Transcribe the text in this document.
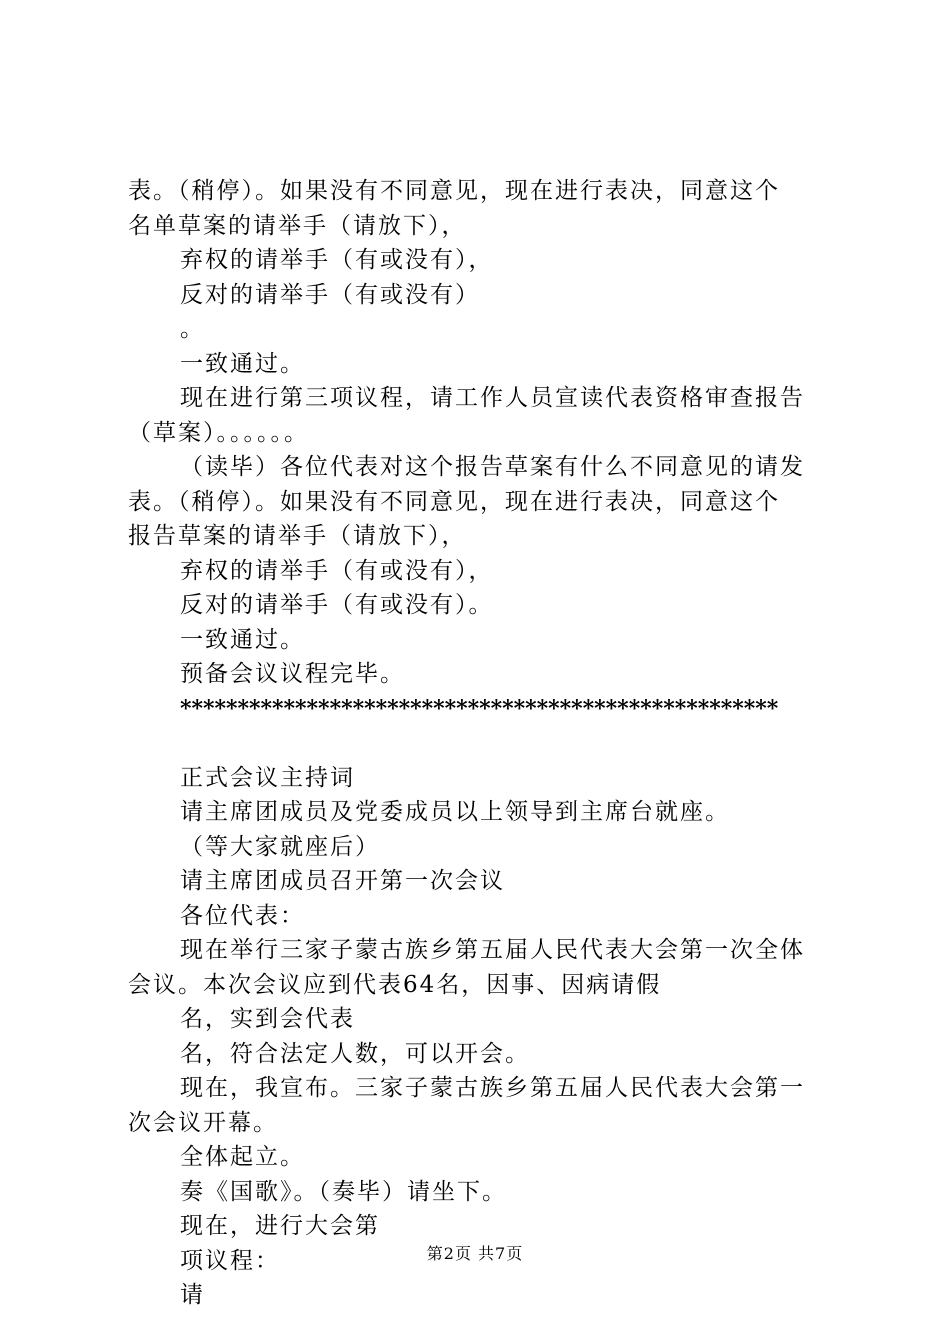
表。（稍停）。如果没有不同意见，现在进行表决，同意这个
名单草案的请举手（请放下），
弃权的请举手（有或没有），
反对的请举手（有或没有）
。
一致通过。
现在进行第三项议程，请工作人员宣读代表资格审查报告
（草案）。。。。。。
（读毕）各位代表对这个报告草案有什么不同意见的请发
表。（稍停）。如果没有不同意见，现在进行表决，同意这个
报告草案的请举手（请放下），
弃权的请举手（有或没有），
反对的请举手（有或没有）。
一致通过。
预备会议议程完毕。
****************************************************
正式会议主持词
请主席团成员及党委成员以上领导到主席台就座。
（等大家就座后）
请主席团成员召开第一次会议
各位代表：
现在举行三家子蒙古族乡第五届人民代表大会第一次全体
会议。本次会议应到代表64名，因事、因病请假
名，实到会代表
名，符合法定人数，可以开会。
现在，我宣布。三家子蒙古族乡第五届人民代表大会第一
次会议开幕。
全体起立。
奏《国歌》。（奏毕）请坐下。
现在，进行大会第
项议程：
请
第2页 共7页
